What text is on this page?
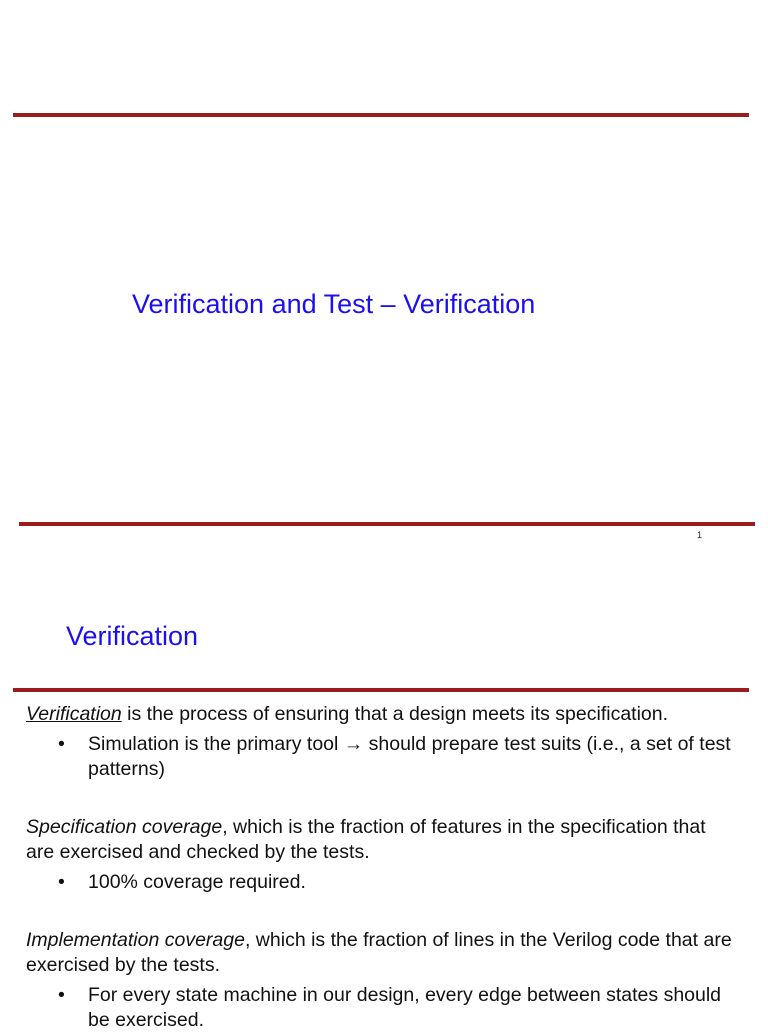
Verification and Test – Verification
1
Verification

Verification is the process of ensuring that a design meets its specification.

• Simulation is the primary tool → should prepare test suits (i.e., a set of test patterns)

Specification coverage, which is the fraction of features in the specification that are exercised and checked by the tests.

• 100% coverage required.

Implementation coverage, which is the fraction of lines in the Verilog code that are exercised by the tests.

• For every state machine in our design, every edge between states should be exercised.
